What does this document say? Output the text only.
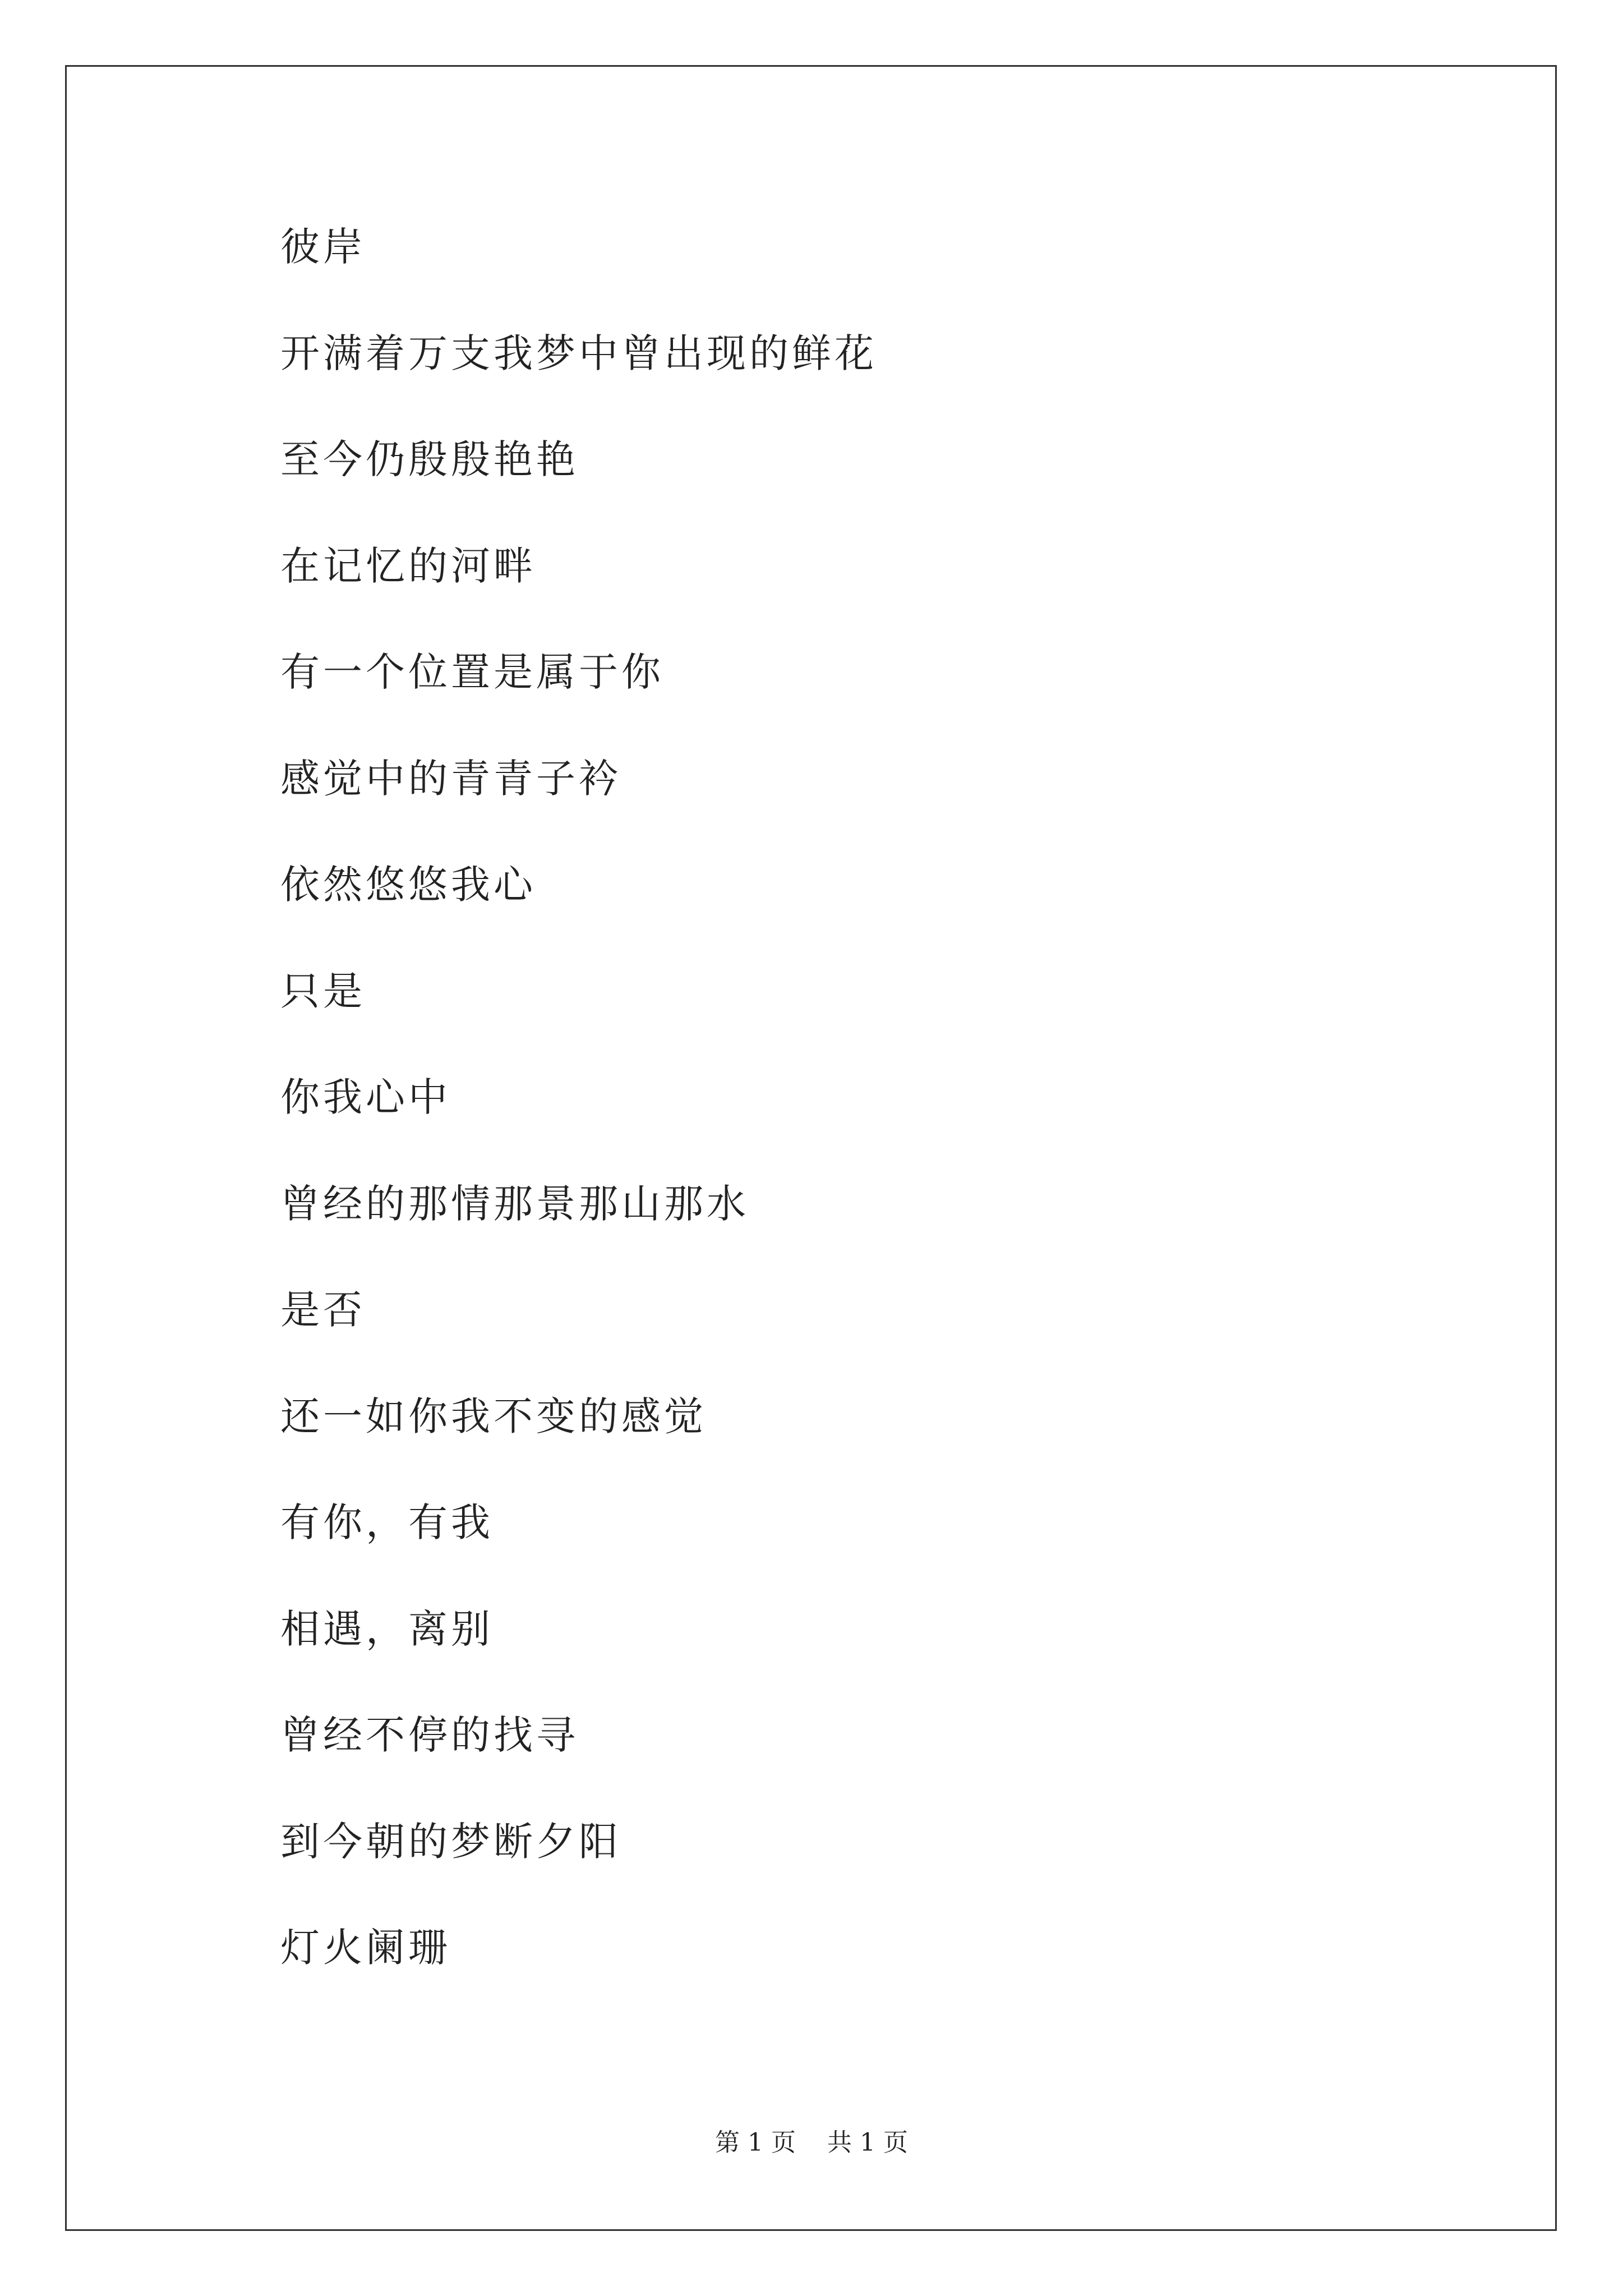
彼岸
开满着万支我梦中曾出现的鲜花
至今仍殷殷艳艳
在记忆的河畔
有一个位置是属于你
感觉中的青青子衿
依然悠悠我心
只是
你我心中
曾经的那情那景那山那水
是否
还一如你我不变的感觉
有你，有我
相遇，离别
曾经不停的找寻
到今朝的梦断夕阳
灯火阑珊
第 1 页 共 1 页
